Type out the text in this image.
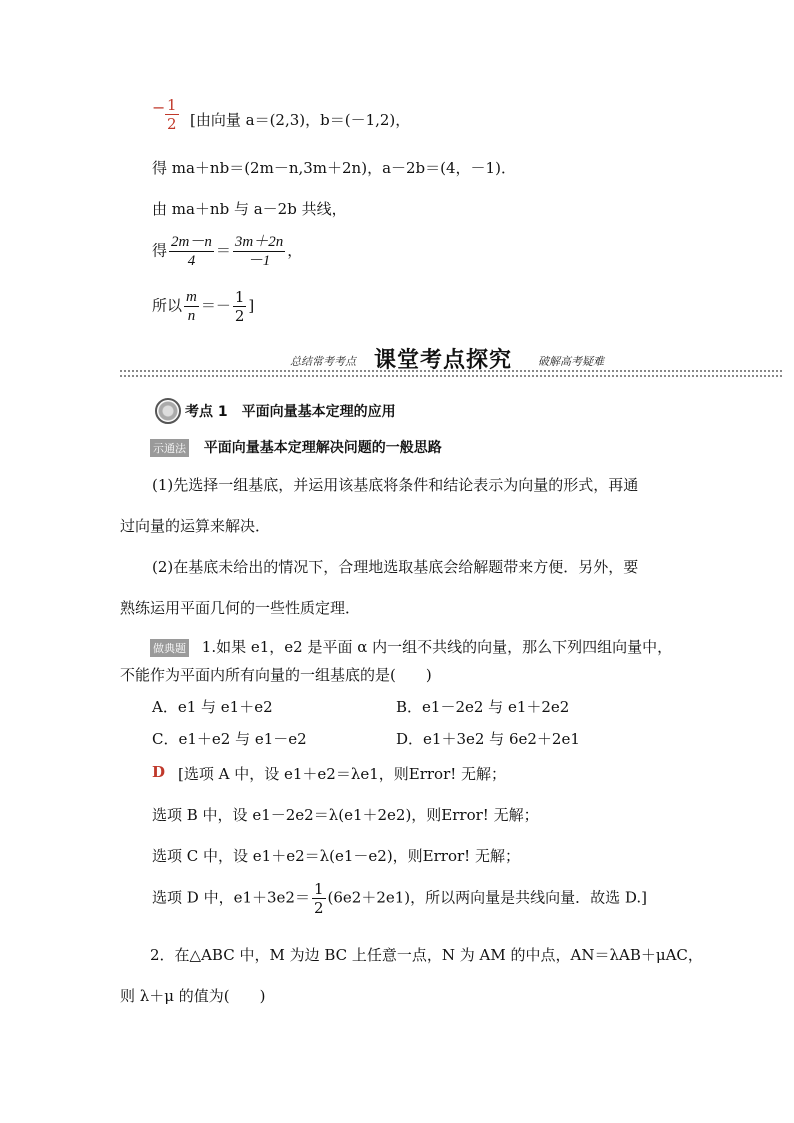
− $\frac{1}{2}$ [由向量 a＝(2,3)，b＝(－1,2)，
得 ma＋nb＝(2m－n,3m＋2n)，a－2b＝(4，－1)．
由 ma＋nb 与 a－2b 共线，
得 $\frac{2m-n}{4} = \frac{3m+2n}{-1}$ ，
所以 $\frac{m}{n} =- \frac{1}{2}$ ]
总结常考考点 课堂考点探究 破解高考疑难
考点 1　平面向量基本定理的应用
示通法 平面向量基本定理解决问题的一般思路
(1)先选择一组基底，并运用该基底将条件和结论表示为向量的形式，再通
过向量的运算来解决．
(2)在基底未给出的情况下，合理地选取基底会给解题带来方便．另外，要
熟练运用平面几何的一些性质定理．
做典题 1.如果 e1，e2 是平面 α 内一组不共线的向量，那么下列四组向量中，
不能作为平面内所有向量的一组基底的是(　　)
A．e1 与 e1＋e2	B．e1－2e2 与 e1＋2e2
C．e1＋e2 与 e1－e2	D．e1＋3e2 与 6e2＋2e1
D [选项 A 中，设 e1＋e2＝λe1，则Error! 无解；
选项 B 中，设 e1－2e2＝λ(e1＋2e2)，则Error! 无解；
选项 C 中，设 e1＋e2＝λ(e1－e2)，则Error! 无解；
选项 D 中，$e1+3e2= \frac{1}{2} (6e2+2e1)$，所以两向量是共线向量．故选 D.]
2．在△ABC 中，M 为边 BC 上任意一点，N 为 AM 的中点，AN＝λAB＋μAC，
则 λ＋μ 的值为(　　)
